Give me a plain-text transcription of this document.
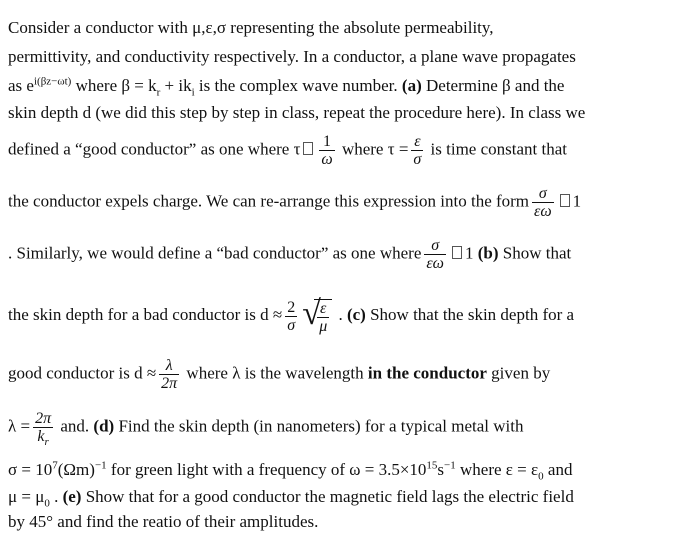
Consider a conductor with μ,ε,σ representing the absolute permeability,
permittivity, and conductivity respectively. In a conductor, a plane wave propagates
as $e^{i(\beta z-\omega t)}$ where $\beta = k_r + ik_i$ is the complex wave number. (a) Determine β and the
skin depth d (we did this step by step in class, repeat the procedure here). In class we
defined a “good conductor” as one where τ $\frac{1}{\omega}$ where $\tau = \frac{\varepsilon}{\sigma}$ is time constant that
the conductor expels charge. We can re-arrange this expression into the form $\frac{\sigma}{\varepsilon\omega} 1$
. Similarly, we would define a “bad conductor” as one where $\frac{\sigma}{\varepsilon\omega} 1$ (b) Show that
the skin depth for a bad conductor is $d \approx \frac{2}{\sigma}$ √
$\frac{\varepsilon}{\mu}$ . (c) Show that the skin depth for a
good conductor is $d \approx \frac{\lambda}{2\pi}$ where λ is the wavelength in the conductor given by
$\lambda = \frac{2\pi}{k_r}$ and. (d) Find the skin depth (in nanometers) for a typical metal with
$\sigma = 10^7(\Omega m)^{-1}$ for green light with a frequency of $\omega = 3.5\times 10^{15}s^{-1}$ where $\varepsilon = \varepsilon_0$ and
$\mu = \mu_0$ . (e) Show that for a good conductor the magnetic field lags the electric field
by 45° and find the reatio of their amplitudes.
